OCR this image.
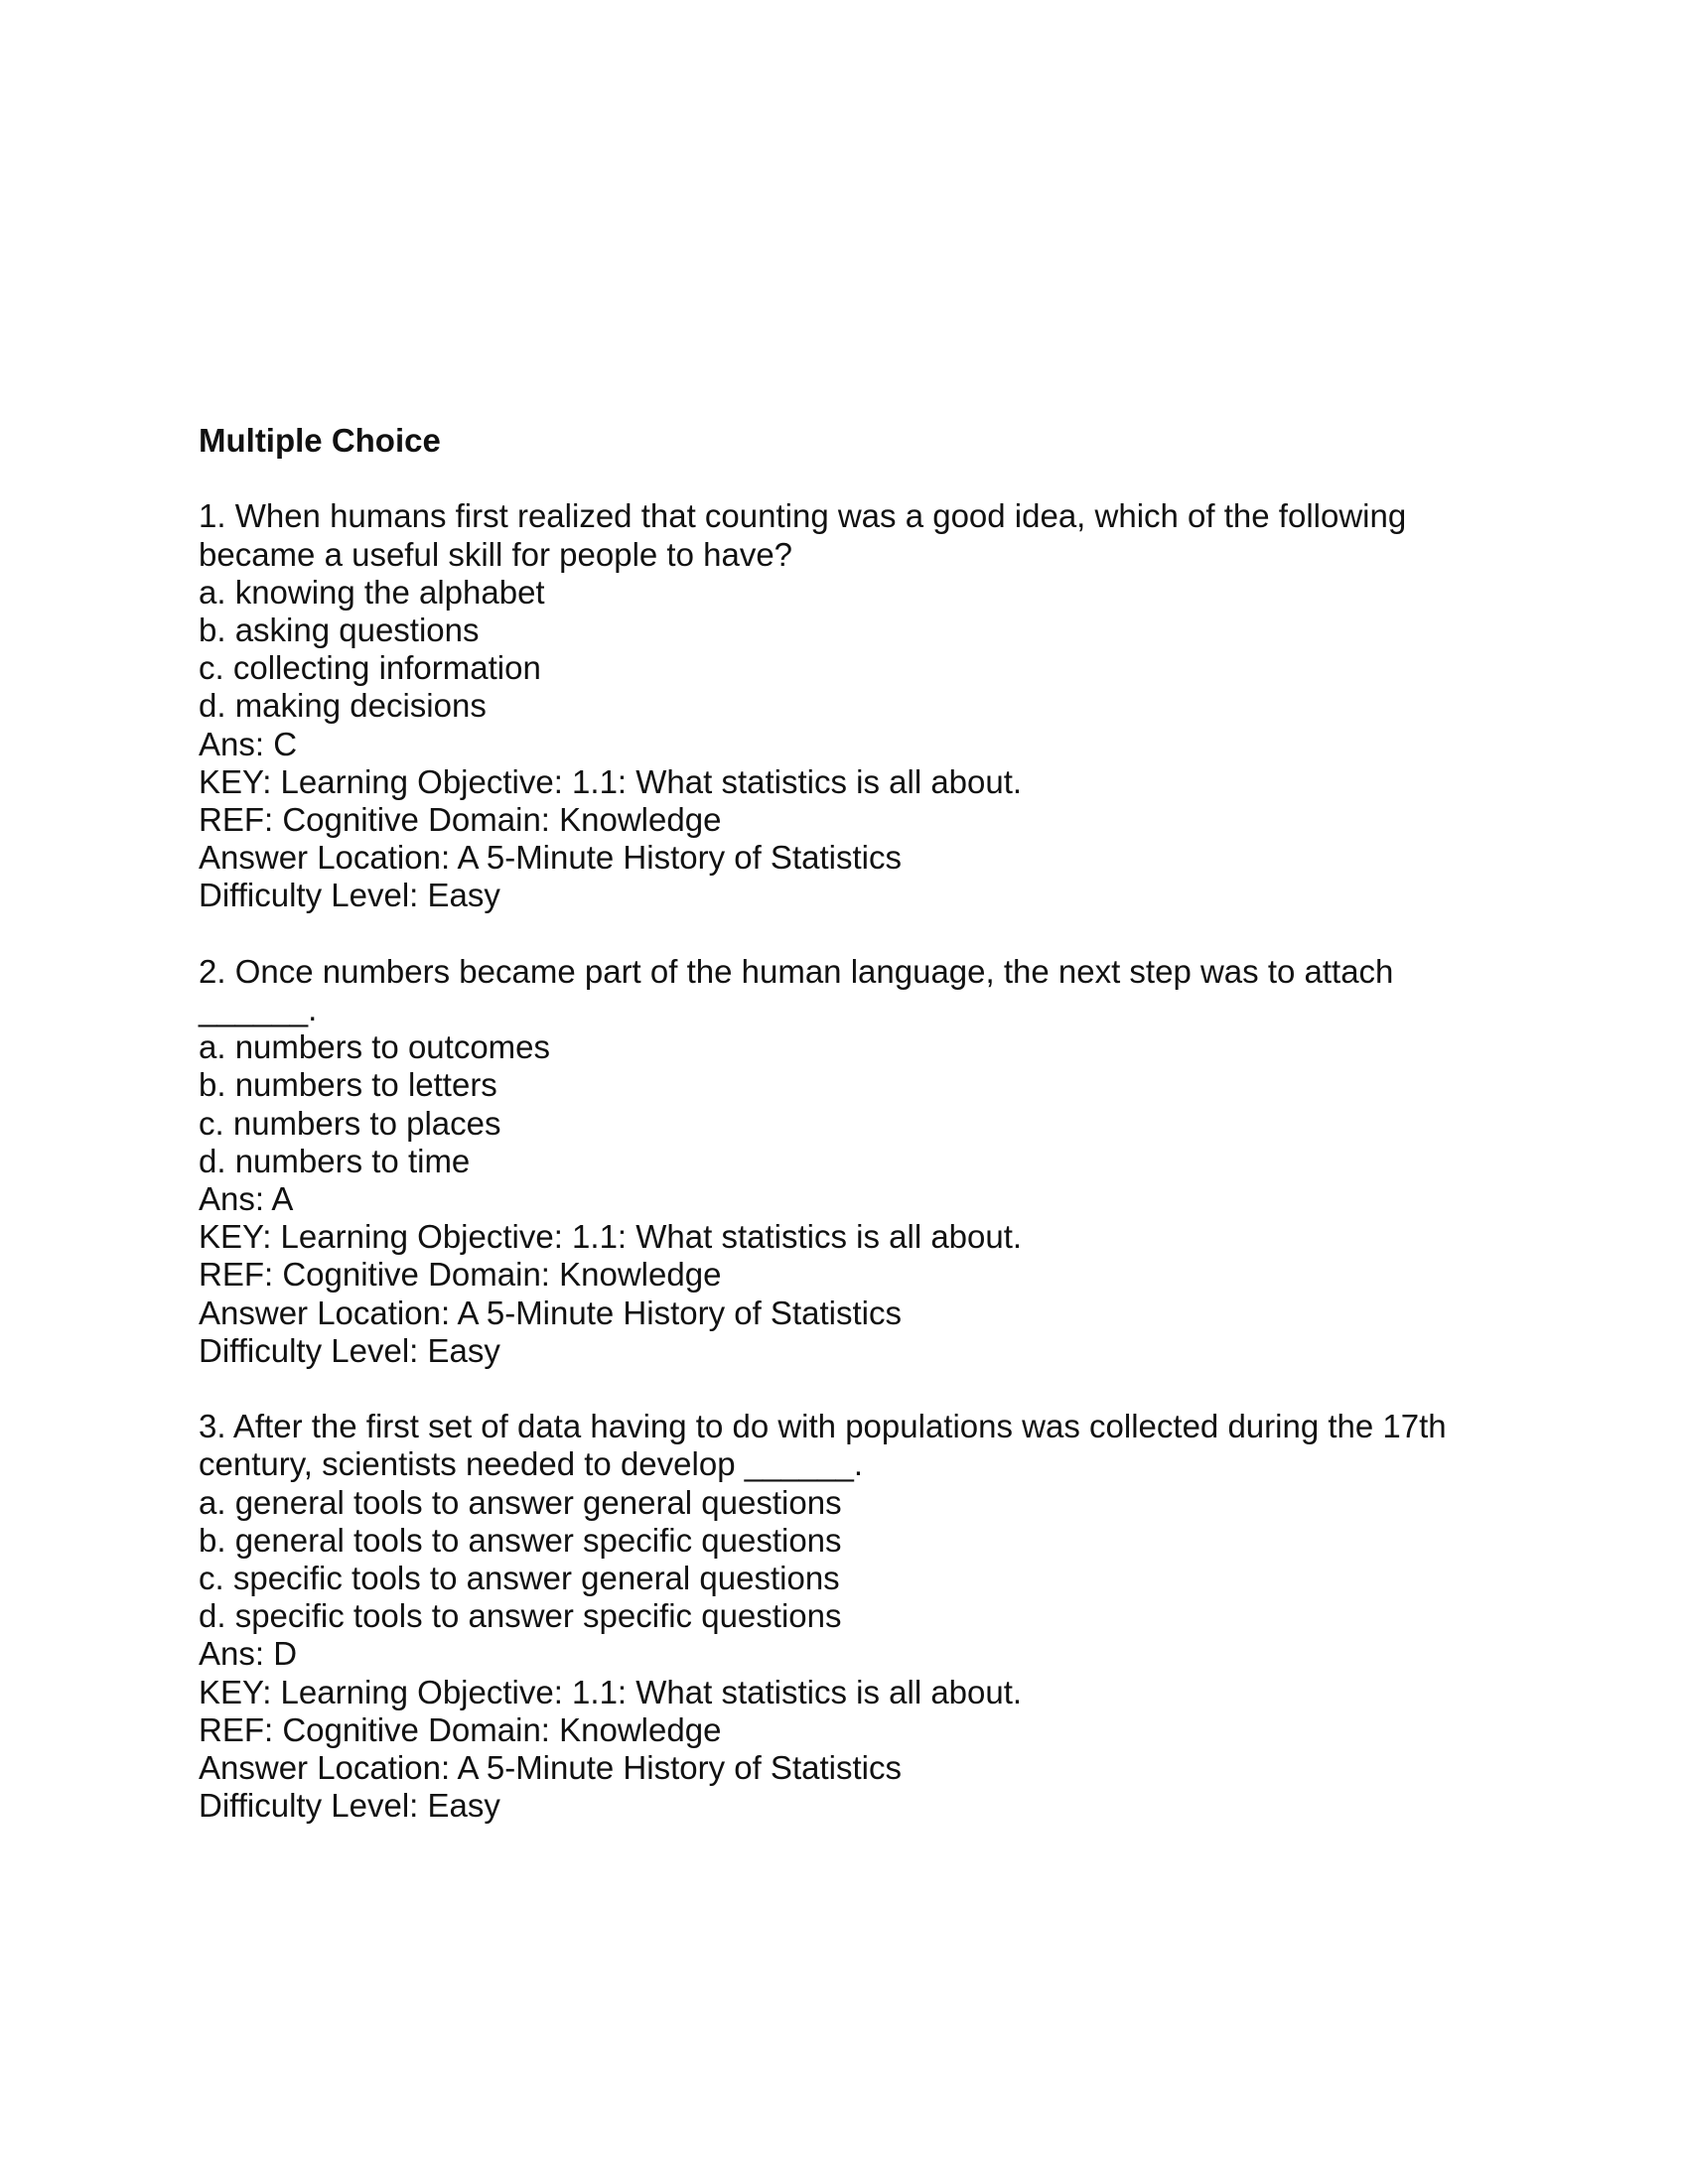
Multiple Choice

1. When humans first realized that counting was a good idea, which of the following
became a useful skill for people to have?
a. knowing the alphabet
b. asking questions
c. collecting information
d. making decisions
Ans: C
KEY: Learning Objective: 1.1: What statistics is all about.
REF: Cognitive Domain: Knowledge
Answer Location: A 5-Minute History of Statistics
Difficulty Level: Easy
2. Once numbers became part of the human language, the next step was to attach
______.
a. numbers to outcomes
b. numbers to letters
c. numbers to places
d. numbers to time
Ans: A
KEY: Learning Objective: 1.1: What statistics is all about.
REF: Cognitive Domain: Knowledge
Answer Location: A 5-Minute History of Statistics
Difficulty Level: Easy
3. After the first set of data having to do with populations was collected during the 17th
century, scientists needed to develop ______.
a. general tools to answer general questions
b. general tools to answer specific questions
c. specific tools to answer general questions
d. specific tools to answer specific questions
Ans: D
KEY: Learning Objective: 1.1: What statistics is all about.
REF: Cognitive Domain: Knowledge
Answer Location: A 5-Minute History of Statistics
Difficulty Level: Easy
